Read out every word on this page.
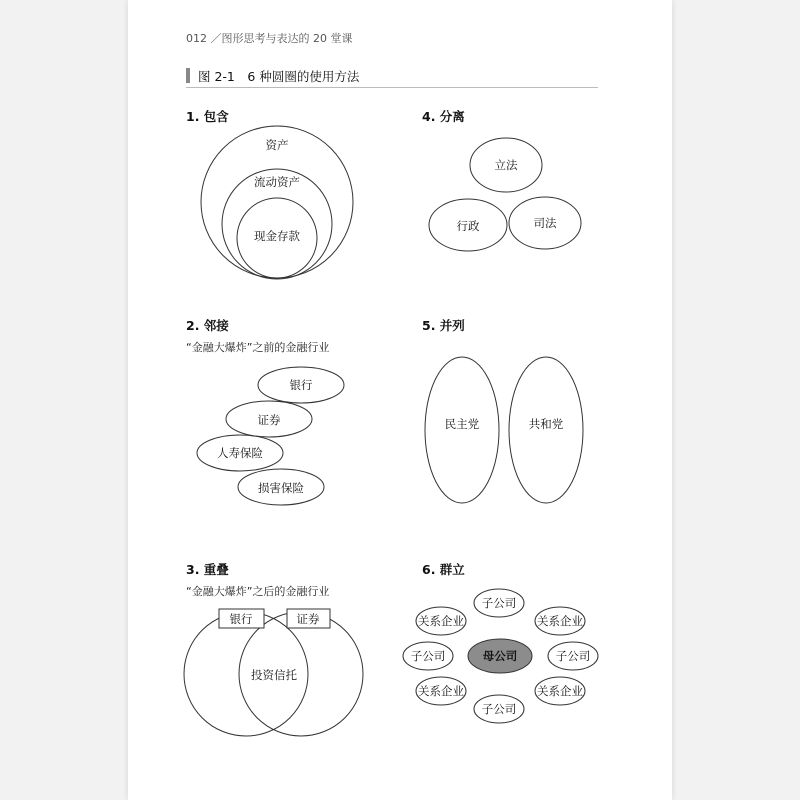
012 ／图形思考与表达的 20 堂课
图 2-1　6 种圆圈的使用方法
1. 包含	4. 分离
2. 邻接
“金融大爆炸”之前的金融行业
5. 并列
3. 重叠
“金融大爆炸”之后的金融行业
6. 群立
资产
流动资产
现金存款
立法
行政	司法
银行
证券
人寿保险
损害保险
民主党	共和党
银行	证券
投资信托
子公司
关系企业	关系企业
子公司	子公司
关系企业	关系企业
子公司
母公司
